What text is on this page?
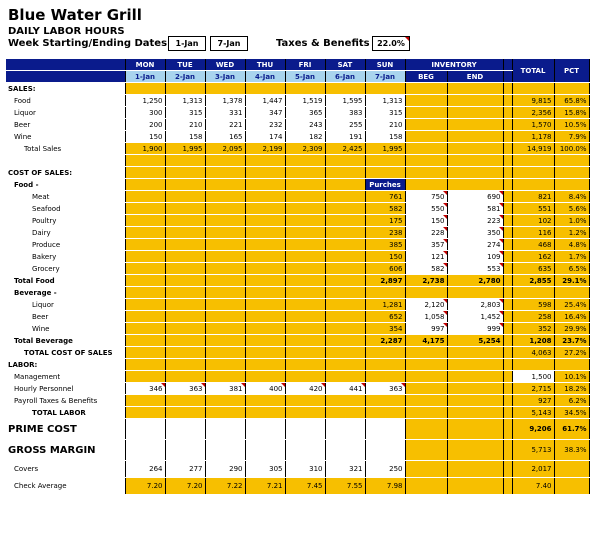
Blue Water Grill
DAILY LABOR HOURS
Week Starting/Ending Dates	1-Jan	7-Jan	Taxes & Benefits 22.0%
	MON	TUE	WED	THU	FRI	SAT	SUN	INVENTORY			TOTAL	PCT
	1-Jan	2-Jan	3-Jan	4-Jan	5-Jan	6-Jan	7-Jan	BEG	END			
SALES:												
Food	1,250	1,313	1,378	1,447	1,519	1,595	1,313				9,815	65.8%
Liquor	300	315	331	347	365	383	315				2,356	15.8%
Beer	200	210	221	232	243	255	210				1,570	10.5%
Wine	150	158	165	174	182	191	158				1,178	7.9%
Total Sales	1,900	1,995	2,095	2,199	2,309	2,425	1,995				14,919	100.0%

COST OF SALES:												
Food -							Purches					
Meat							761	750	690		821	8.4%
Seafood							582	550	581		551	5.6%
Poultry							175	150	223		102	1.0%
Dairy							238	228	350		116	1.2%
Produce							385	357	274		468	4.8%
Bakery							150	121	109		162	1.7%
Grocery							606	582	553		635	6.5%
Total Food							2,897	2,738	2,780		2,855	29.1%
Beverage -												
Liquor							1,281	2,120	2,803		598	25.4%
Beer							652	1,058	1,452		258	16.4%
Wine							354	997	999		352	29.9%
Total Beverage							2,287	4,175	5,254		1,208	23.7%
TOTAL COST OF SALES											4,063	27.2%
LABOR:												
Management											1,500	10.1%
Hourly Personnel	346	363	381	400	420	441	363				2,715	18.2%
Payroll Taxes & Benefits											927	6.2%
TOTAL LABOR											5,143	34.5%
PRIME COST											9,206	61.7%
GROSS MARGIN											5,713	38.3%
Covers	264	277	290	305	310	321	250				2,017	
Check Average	7.20	7.20	7.22	7.21	7.45	7.55	7.98				7.40	
